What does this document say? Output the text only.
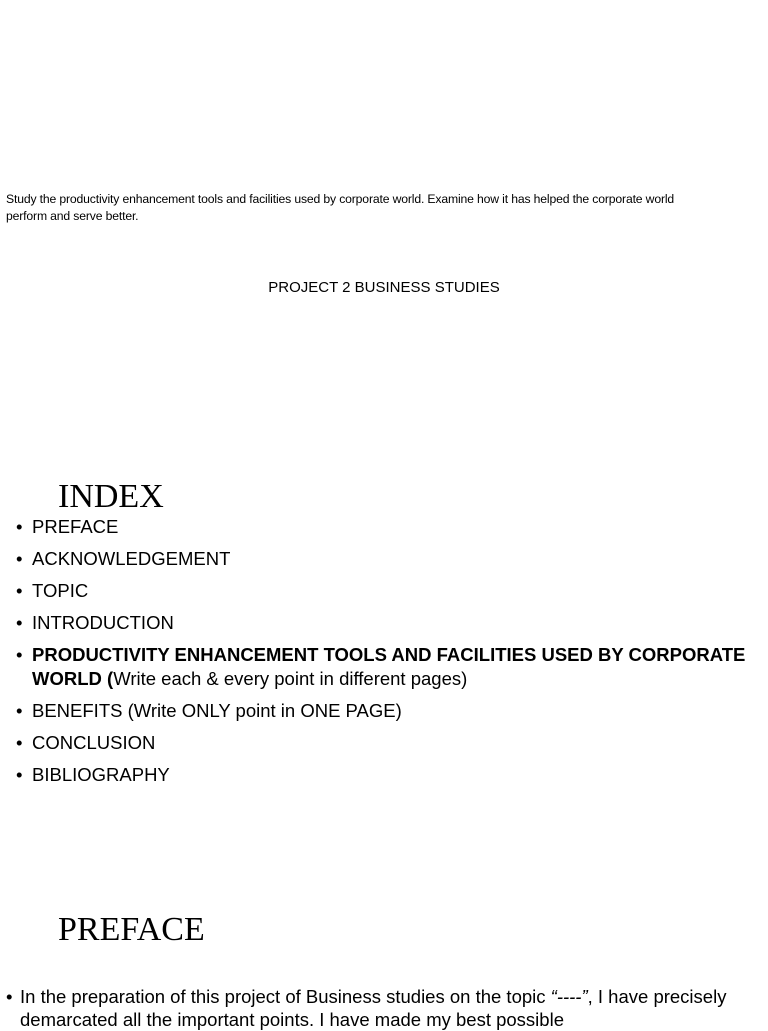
Study the productivity enhancement tools and facilities used by corporate world. Examine how it has helped the corporate world
perform and serve better.
PROJECT 2 BUSINESS STUDIES
INDEX
• PREFACE
• ACKNOWLEDGEMENT
• TOPIC
• INTRODUCTION
• PRODUCTIVITY ENHANCEMENT TOOLS AND FACILITIES USED BY CORPORATE WORLD (Write each & every point in different pages)
• BENEFITS (Write ONLY point in ONE PAGE)
• CONCLUSION
• BIBLIOGRAPHY
PREFACE
• In the preparation of this project of Business studies on the topic “----”, I have precisely demarcated all the important points. I have made my best possible
